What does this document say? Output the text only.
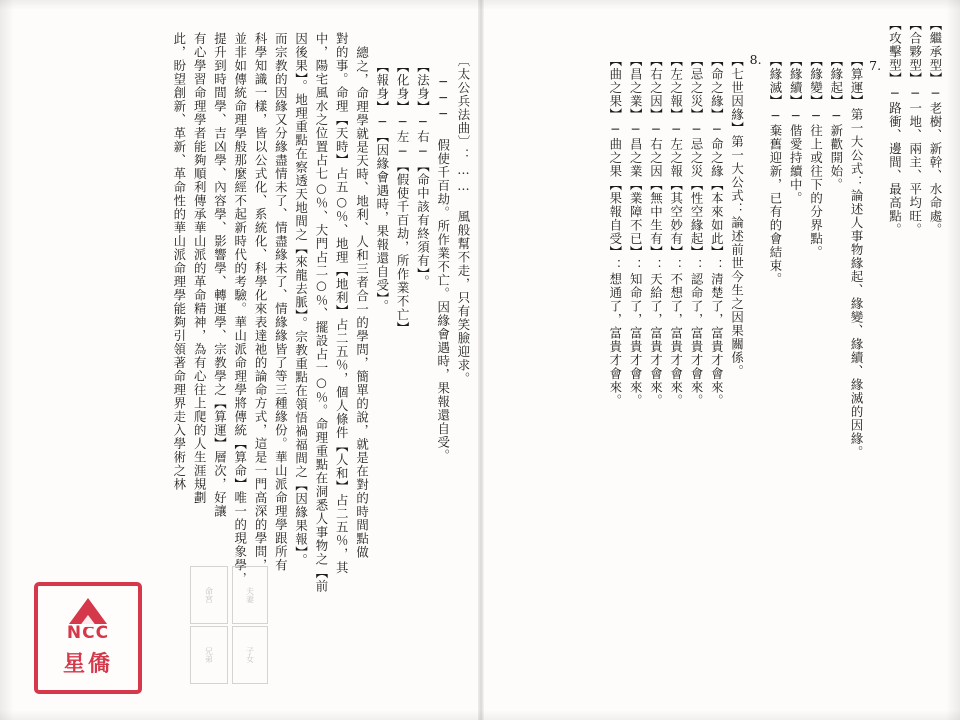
【繼承型】─老樹、新幹、水命處。
【合夥型】─一地、兩主、平均旺。
【攻擊型】─路衝、邊間、最高點。
7.
【算運】第一大公式：論述人事物緣起、緣變、緣續、緣滅的因緣。
【緣起】─新歡開始。
【緣變】─往上或往下的分界點。
【緣續】─偕愛持續中。
【緣滅】─棄舊迎新，已有的會結束。
8.
【七世因緣】第一大公式：論述前世今生之因果關係。
【命之緣】─命之緣【本來如此】：清楚了，富貴才會來。
【忌之災】─忌之災【性空緣起】：認命了，富貴才會來。
【左之報】─左之報【其空妙有】：不想了，富貴才會來。
【右之因】─右之因【無中生有】：天給了，富貴才會來。
【昌之業】─昌之業【業障不已】：知命了，富貴才會來。
【曲之果】─曲之果【果報自受】：想通了，富貴才會來。
〔太公兵法曲〕：…… 風般幫不走，只有笑臉迎求。
─── 假使千百劫。所作業不亡。因緣會遇時，果報還自受。
【法身】─右─【命中該有終須有】。
【化身】─左─【假使千百劫，所作業不亡】
【報身】─【因緣會遇時，果報還自受】。
總之，命理學就是天時、地利、人和三者合一的學問，簡單的說，就是在對的時間點做
對的事。命理【天時】占五○％、地理【地利】占二五％，個人條件【人和】占二五％，其
中，陽宅風水之位置占七○％、大門占二○％、擺設占一○％。命理重點在洞悉人事物之【前
因後果】。地理重點在察透天地間之【來龍去脈】。宗教重點在領悟禍福間之【因緣果報】。
而宗教的因緣又分緣盡情未了、情盡緣未了、情緣緣皆了等三種緣份。華山派命理學跟所有
科學知識一樣，皆以公式化、系統化、科學化來表達祂的論命方式，這是一門高深的學問，
並非如傳統命理學般那麼經不起新時代的考驗。華山派命理學將傳統【算命】唯一的現象學，
提升到時間學、吉凶學、內容學、影響學、轉運學、宗教學之【算運】層次，好讓
有心學習命理學者能夠順利傳承華山派的革命精神，為有心往上爬的人生涯規劃
此，盼望創新、革新、革命性的華山派命理學能夠引領著命理界走入學術之林
命宮
兄弟
夫妻
子女
NCC
星僑
